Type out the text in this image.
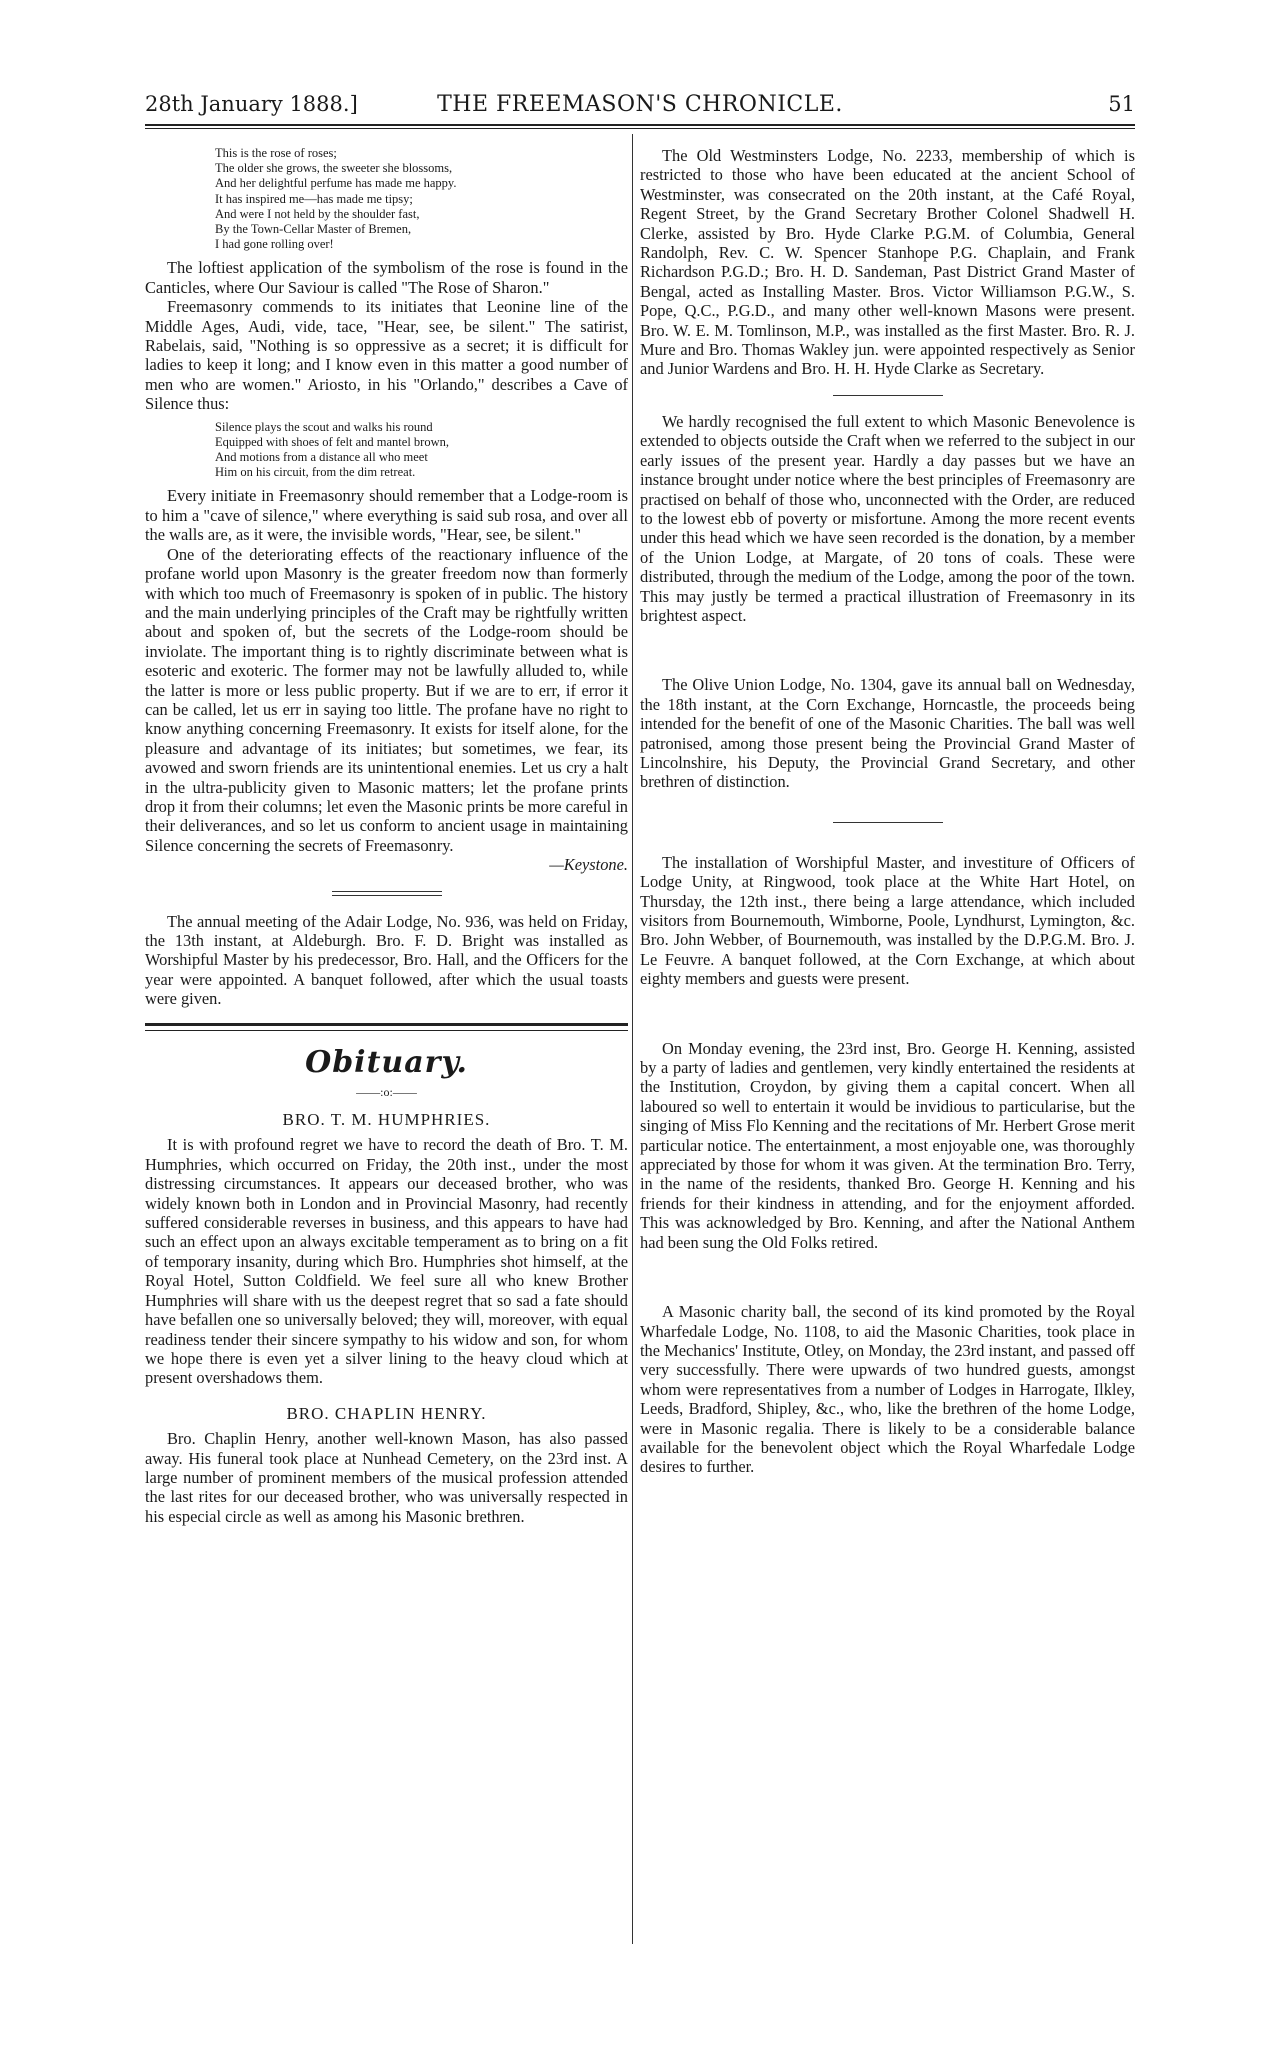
28th January 1888.]	THE FREEMASON'S CHRONICLE.	51
This is the rose of roses;
The older she grows, the sweeter she blossoms,
And her delightful perfume has made me happy.
It has inspired me—has made me tipsy;
And were I not held by the shoulder fast,
By the Town-Cellar Master of Bremen,
I had gone rolling over!

The loftiest application of the symbolism of the rose is found in the Canticles, where Our Saviour is called "The Rose of Sharon."

Freemasonry commends to its initiates that Leonine line of the Middle Ages, Audi, vide, tace, "Hear, see, be silent." The satirist, Rabelais, said, "Nothing is so oppressive as a secret; it is difficult for ladies to keep it long; and I know even in this matter a good number of men who are women." Ariosto, in his "Orlando," describes a Cave of Silence thus:

Silence plays the scout and walks his round
Equipped with shoes of felt and mantel brown,
And motions from a distance all who meet
Him on his circuit, from the dim retreat.

Every initiate in Freemasonry should remember that a Lodge-room is to him a "cave of silence," where everything is said sub rosa, and over all the walls are, as it were, the invisible words, "Hear, see, be silent."

One of the deteriorating effects of the reactionary influence of the profane world upon Masonry is the greater freedom now than formerly with which too much of Freemasonry is spoken of in public. The history and the main underlying principles of the Craft may be rightfully written about and spoken of, but the secrets of the Lodge-room should be inviolate. The important thing is to rightly discriminate between what is esoteric and exoteric. The former may not be lawfully alluded to, while the latter is more or less public property. But if we are to err, if error it can be called, let us err in saying too little. The profane have no right to know anything concerning Freemasonry. It exists for itself alone, for the pleasure and advantage of its initiates; but sometimes, we fear, its avowed and sworn friends are its unintentional enemies. Let us cry a halt in the ultra-publicity given to Masonic matters; let the profane prints drop it from their columns; let even the Masonic prints be more careful in their deliverances, and so let us conform to ancient usage in maintaining Silence concerning the secrets of Freemasonry.

—Keystone.

The annual meeting of the Adair Lodge, No. 936, was held on Friday, the 13th instant, at Aldeburgh. Bro. F. D. Bright was installed as Worshipful Master by his predecessor, Bro. Hall, and the Officers for the year were appointed. A banquet followed, after which the usual toasts were given.

Obituary.
——:o:——
BRO. T. M. HUMPHRIES.

It is with profound regret we have to record the death of Bro. T. M. Humphries, which occurred on Friday, the 20th inst., under the most distressing circumstances. It appears our deceased brother, who was widely known both in London and in Provincial Masonry, had recently suffered considerable reverses in business, and this appears to have had such an effect upon an always excitable temperament as to bring on a fit of temporary insanity, during which Bro. Humphries shot himself, at the Royal Hotel, Sutton Coldfield. We feel sure all who knew Brother Humphries will share with us the deepest regret that so sad a fate should have befallen one so universally beloved; they will, moreover, with equal readiness tender their sincere sympathy to his widow and son, for whom we hope there is even yet a silver lining to the heavy cloud which at present overshadows them.

BRO. CHAPLIN HENRY.

Bro. Chaplin Henry, another well-known Mason, has also passed away. His funeral took place at Nunhead Cemetery, on the 23rd inst. A large number of prominent members of the musical profession attended the last rites for our deceased brother, who was universally respected in his especial circle as well as among his Masonic brethren.

The Old Westminsters Lodge, No. 2233, membership of which is restricted to those who have been educated at the ancient School of Westminster, was consecrated on the 20th instant, at the Café Royal, Regent Street, by the Grand Secretary Brother Colonel Shadwell H. Clerke, assisted by Bro. Hyde Clarke P.G.M. of Columbia, General Randolph, Rev. C. W. Spencer Stanhope P.G. Chaplain, and Frank Richardson P.G.D.; Bro. H. D. Sandeman, Past District Grand Master of Bengal, acted as Installing Master. Bros. Victor Williamson P.G.W., S. Pope, Q.C., P.G.D., and many other well-known Masons were present. Bro. W. E. M. Tomlinson, M.P., was installed as the first Master. Bro. R. J. Mure and Bro. Thomas Wakley jun. were appointed respectively as Senior and Junior Wardens and Bro. H. H. Hyde Clarke as Secretary.

We hardly recognised the full extent to which Masonic Benevolence is extended to objects outside the Craft when we referred to the subject in our early issues of the present year. Hardly a day passes but we have an instance brought under notice where the best principles of Freemasonry are practised on behalf of those who, unconnected with the Order, are reduced to the lowest ebb of poverty or misfortune. Among the more recent events under this head which we have seen recorded is the donation, by a member of the Union Lodge, at Margate, of 20 tons of coals. These were distributed, through the medium of the Lodge, among the poor of the town. This may justly be termed a practical illustration of Freemasonry in its brightest aspect.

The Olive Union Lodge, No. 1304, gave its annual ball on Wednesday, the 18th instant, at the Corn Exchange, Horncastle, the proceeds being intended for the benefit of one of the Masonic Charities. The ball was well patronised, among those present being the Provincial Grand Master of Lincolnshire, his Deputy, the Provincial Grand Secretary, and other brethren of distinction.

The installation of Worshipful Master, and investiture of Officers of Lodge Unity, at Ringwood, took place at the White Hart Hotel, on Thursday, the 12th inst., there being a large attendance, which included visitors from Bournemouth, Wimborne, Poole, Lyndhurst, Lymington, &c. Bro. John Webber, of Bournemouth, was installed by the D.P.G.M. Bro. J. Le Feuvre. A banquet followed, at the Corn Exchange, at which about eighty members and guests were present.

On Monday evening, the 23rd inst, Bro. George H. Kenning, assisted by a party of ladies and gentlemen, very kindly entertained the residents at the Institution, Croydon, by giving them a capital concert. When all laboured so well to entertain it would be invidious to particularise, but the singing of Miss Flo Kenning and the recitations of Mr. Herbert Grose merit particular notice. The entertainment, a most enjoyable one, was thoroughly appreciated by those for whom it was given. At the termination Bro. Terry, in the name of the residents, thanked Bro. George H. Kenning and his friends for their kindness in attending, and for the enjoyment afforded. This was acknowledged by Bro. Kenning, and after the National Anthem had been sung the Old Folks retired.

A Masonic charity ball, the second of its kind promoted by the Royal Wharfedale Lodge, No. 1108, to aid the Masonic Charities, took place in the Mechanics' Institute, Otley, on Monday, the 23rd instant, and passed off very successfully. There were upwards of two hundred guests, amongst whom were representatives from a number of Lodges in Harrogate, Ilkley, Leeds, Bradford, Shipley, &c., who, like the brethren of the home Lodge, were in Masonic regalia. There is likely to be a considerable balance available for the benevolent object which the Royal Wharfedale Lodge desires to further.
